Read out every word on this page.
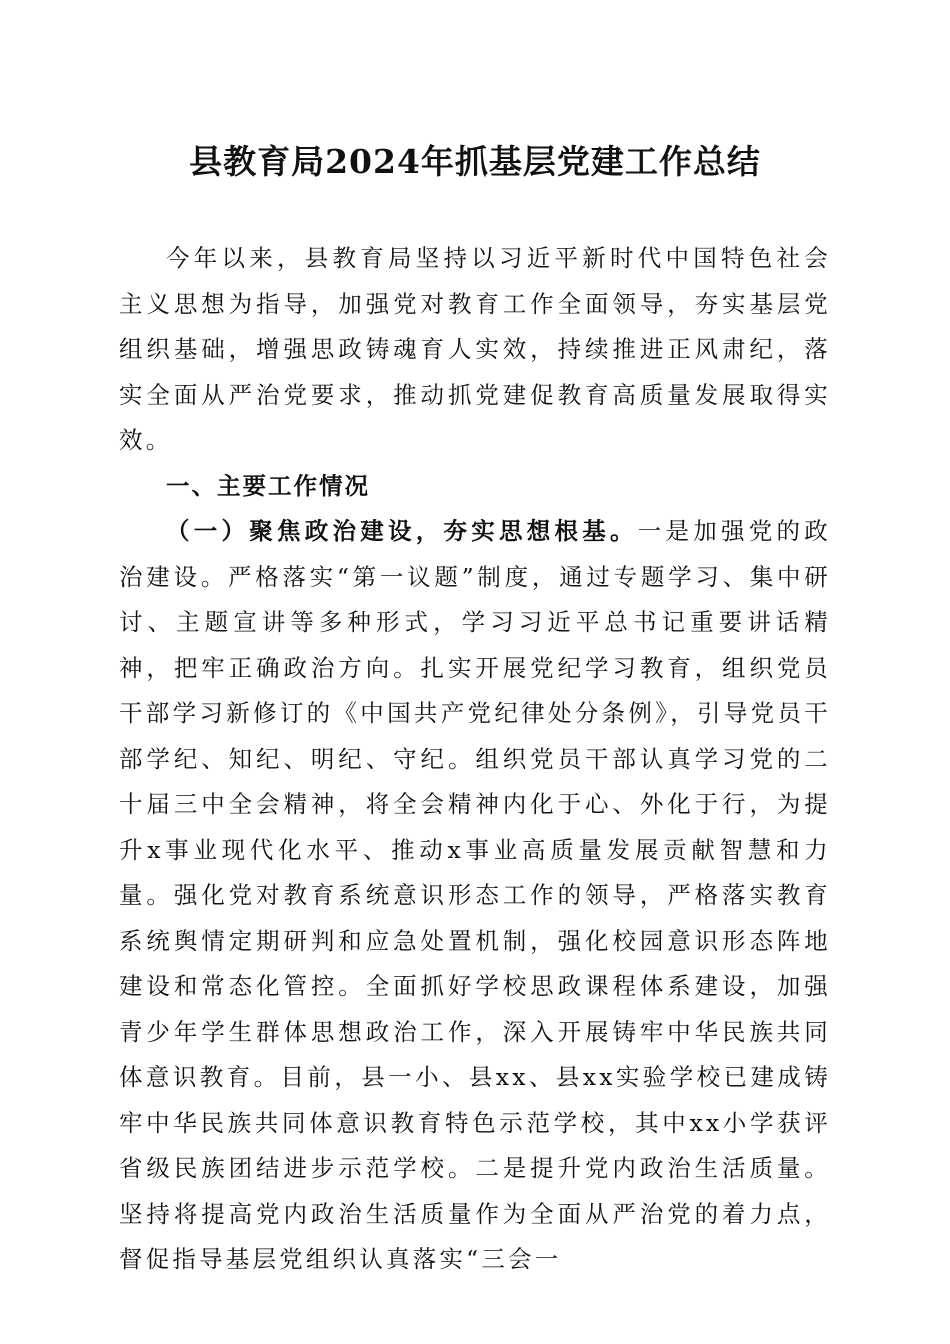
县教育局2024年抓基层党建工作总结

今年以来，县教育局坚持以习近平新时代中国特色社会主义思想为指导，加强党对教育工作全面领导，夯实基层党组织基础，增强思政铸魂育人实效，持续推进正风肃纪，落实全面从严治党要求，推动抓党建促教育高质量发展取得实效。

一、主要工作情况

（一）聚焦政治建设，夯实思想根基。一是加强党的政治建设。严格落实“第一议题”制度，通过专题学习、集中研讨、主题宣讲等多种形式，学习习近平总书记重要讲话精神，把牢正确政治方向。扎实开展党纪学习教育，组织党员干部学习新修订的《中国共产党纪律处分条例》，引导党员干部学纪、知纪、明纪、守纪。组织党员干部认真学习党的二十届三中全会精神，将全会精神内化于心、外化于行，为提升x事业现代化水平、推动x事业高质量发展贡献智慧和力量。强化党对教育系统意识形态工作的领导，严格落实教育系统舆情定期研判和应急处置机制，强化校园意识形态阵地建设和常态化管控。全面抓好学校思政课程体系建设，加强青少年学生群体思想政治工作，深入开展铸牢中华民族共同体意识教育。目前，县一小、县xx、县xx实验学校已建成铸牢中华民族共同体意识教育特色示范学校，其中xx小学获评省级民族团结进步示范学校。二是提升党内政治生活质量。坚持将提高党内政治生活质量作为全面从严治党的着力点，督促指导基层党组织认真落实“三会一
